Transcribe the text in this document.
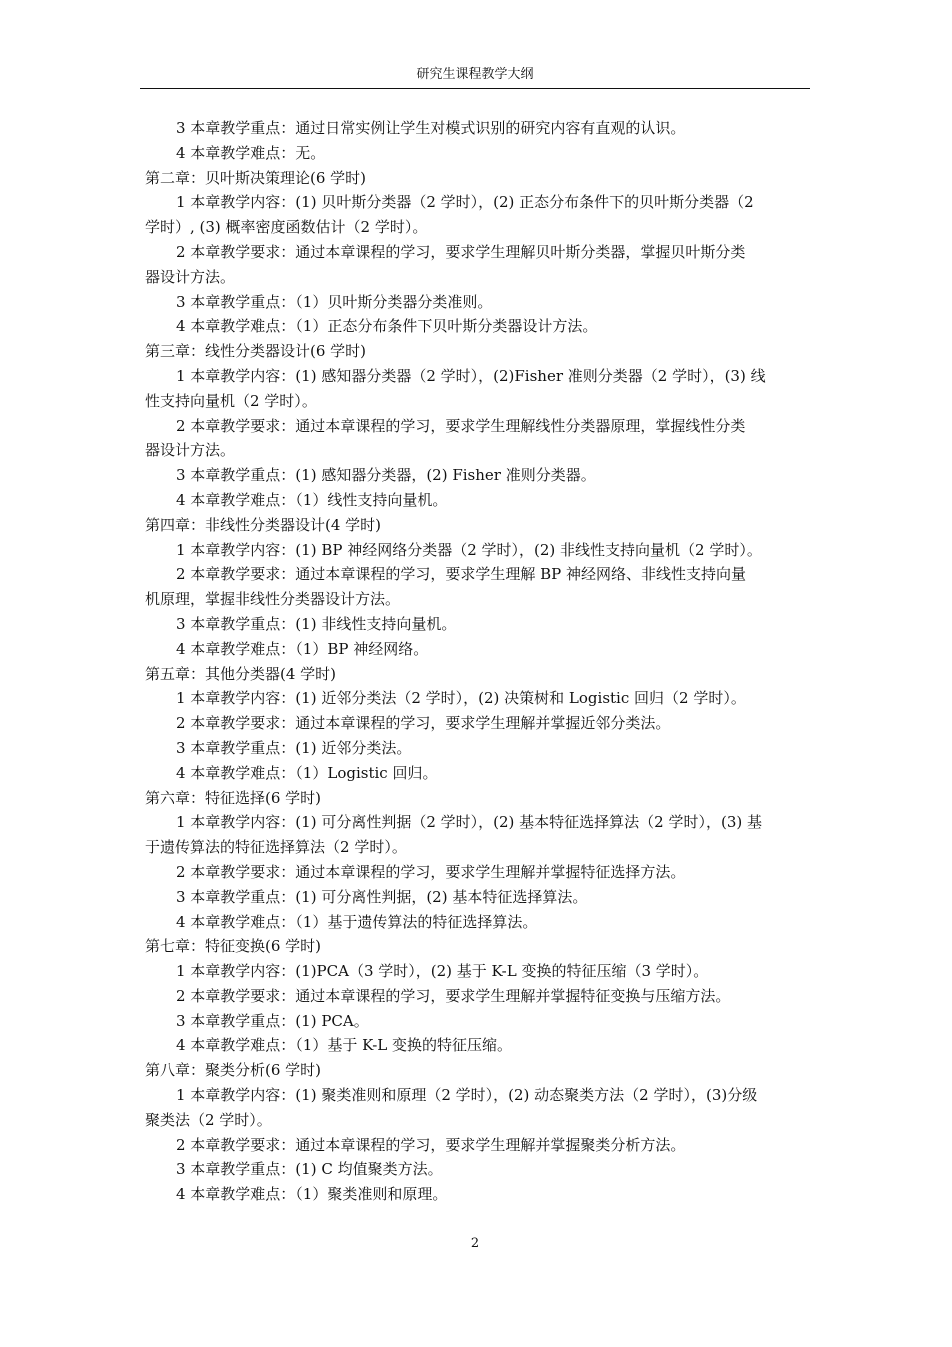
研究生课程教学大纲

3 本章教学重点：通过日常实例让学生对模式识别的研究内容有直观的认识。

4 本章教学难点：无。

第二章：贝叶斯决策理论(6 学时)

1 本章教学内容：(1) 贝叶斯分类器（2 学时），(2) 正态分布条件下的贝叶斯分类器（2

学时）, (3) 概率密度函数估计（2 学时）。

2 本章教学要求：通过本章课程的学习，要求学生理解贝叶斯分类器，掌握贝叶斯分类

器设计方法。

3 本章教学重点：（1）贝叶斯分类器分类准则。

4 本章教学难点：（1）正态分布条件下贝叶斯分类器设计方法。

第三章：线性分类器设计(6 学时)

1 本章教学内容：(1) 感知器分类器（2 学时），(2)Fisher 准则分类器（2 学时），(3) 线

性支持向量机（2 学时）。

2 本章教学要求：通过本章课程的学习，要求学生理解线性分类器原理，掌握线性分类

器设计方法。

3 本章教学重点：(1) 感知器分类器，(2) Fisher 准则分类器。

4 本章教学难点：（1）线性支持向量机。

第四章：非线性分类器设计(4 学时)

1 本章教学内容：(1) BP 神经网络分类器（2 学时），(2) 非线性支持向量机（2 学时）。

2 本章教学要求：通过本章课程的学习，要求学生理解 BP 神经网络、非线性支持向量

机原理，掌握非线性分类器设计方法。

3 本章教学重点：(1) 非线性支持向量机。

4 本章教学难点：（1）BP 神经网络。

第五章：其他分类器(4 学时)

1 本章教学内容：(1) 近邻分类法（2 学时），(2) 决策树和 Logistic 回归（2 学时）。

2 本章教学要求：通过本章课程的学习，要求学生理解并掌握近邻分类法。

3 本章教学重点：(1) 近邻分类法。

4 本章教学难点：（1）Logistic 回归。

第六章：特征选择(6 学时)

1 本章教学内容：(1) 可分离性判据（2 学时），(2) 基本特征选择算法（2 学时），(3) 基

于遗传算法的特征选择算法（2 学时）。

2 本章教学要求：通过本章课程的学习，要求学生理解并掌握特征选择方法。

3 本章教学重点：(1) 可分离性判据，(2) 基本特征选择算法。

4 本章教学难点：（1）基于遗传算法的特征选择算法。

第七章：特征变换(6 学时)

1 本章教学内容：(1)PCA（3 学时），(2) 基于 K-L 变换的特征压缩（3 学时）。

2 本章教学要求：通过本章课程的学习，要求学生理解并掌握特征变换与压缩方法。

3 本章教学重点：(1) PCA。

4 本章教学难点：（1）基于 K-L 变换的特征压缩。

第八章：聚类分析(6 学时)

1 本章教学内容：(1) 聚类准则和原理（2 学时），(2) 动态聚类方法（2 学时），(3)分级

聚类法（2 学时）。

2 本章教学要求：通过本章课程的学习，要求学生理解并掌握聚类分析方法。

3 本章教学重点：(1) C 均值聚类方法。

4 本章教学难点：（1）聚类准则和原理。

2
